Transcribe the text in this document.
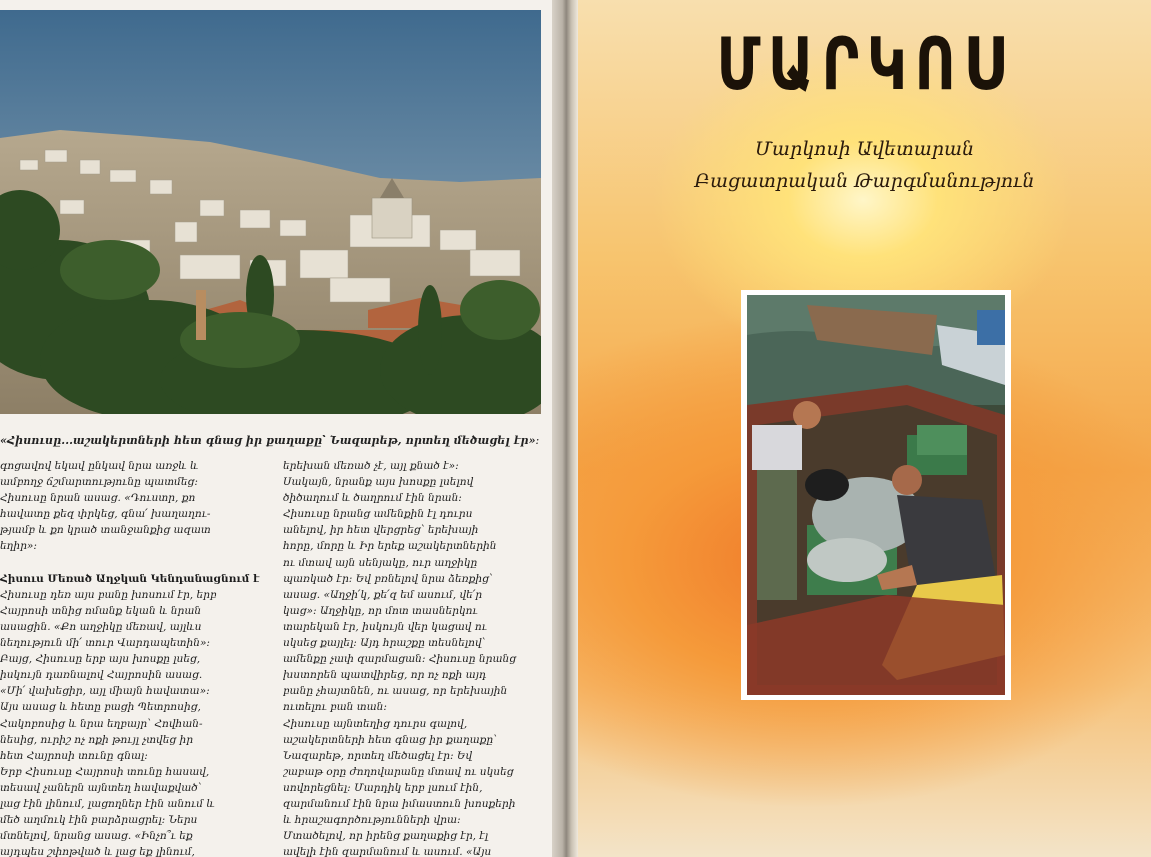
«Հիսուսը...աշակերտների հետ գնաց իր քաղաքը՝ Նազարեթ, որտեղ մեծացել էր»։
գոցավով եկավ ընկավ նրա առջև և
ամբողջ ճշմարտությունը պատմեց։
Հիսուսը նրան ասաց. «Դուստր, քո
հավատը քեզ փրկեց, գնա՛ խաղաղու-
թյամբ և քո կրած տանջանքից ազատ
եղիր»։

Հիսուս Մեռած Աղջկան Կենդանացնում է
Հիսուսը դեռ այս բանը խոսում էր, երբ
Հայրոսի տնից ոմանք եկան և նրան
ասացին. «Քո աղջիկը մեռավ, այլևս
նեղություն մի՛ տուր Վարդապետին»։
Բայց, Հիսուսը երբ այս խոսքը լսեց,
իսկույն դառնալով Հայրոսին ասաց.
«Մի՛ վախեցիր, այլ միայն հավատա»։
Այս ասաց և հետը բացի Պետրոսից,
Հակոբոսից և նրա եղբայր՝ Հովհան-
նեսից, ուրիշ ոչ ոքի թույլ չտվեց իր
հետ Հայրոսի տունը գնալ։
Երբ Հիսուսը Հայրոսի տունը հասավ,
տեսավ չաներն այնտեղ հավաքված՝
լաց էին լինում, լացողներ էին անում և
մեծ աղմուկ էին բարձրացրել։ Ներս
մտնելով, նրանց ասաց. «Ինչո՞ւ եք
այդպես շփոթված և լաց եք լինում,
երեխան մեռած չէ, այլ քնած է»։
Սակայն, նրանք այս խոսքը լսելով
ծիծաղում և ծաղրում էին նրան։
Հիսուսը նրանց ամենքին էլ դուրս
անելով, իր հետ վերցրեց՝ երեխայի
հորը, մորը և Իր երեք աշակերտներին
ու մտավ այն սենյակը, ուր աղջիկը
պառկած էր։ Եվ բռնելով նրա ձեռքից՝
ասաց. «Աղջի՛կ, քե՛զ եմ ասում, վե՛ր
կաց»։ Աղջիկը, որ մոտ տասներկու
տարեկան էր, իսկույն վեր կացավ ու
սկսեց քայլել։ Այդ հրաշքը տեսնելով՝
ամենքը չափ զարմացան։ Հիսուսը նրանց
խստորեն պատվիրեց, որ ոչ ոքի այդ
բանը չհայտնեն, ու ասաց, որ երեխային
ուտելու բան տան։
Հիսուսը այնտեղից դուրս գալով,
աշակերտների հետ գնաց իր քաղաքը՝
Նազարեթ, որտեղ մեծացել էր։ Եվ
շաբաթ օրը ժողովարանը մտավ ու սկսեց
սովորեցնել։ Մարդիկ երբ լսում էին,
զարմանում էին նրա իմաստուն խոսքերի
և հրաշագործությունների վրա։
Մտածելով, որ իրենց քաղաքից էր, էլ
ավելի էին զարմանում և ասում. «Այս
ՄԱՐԿՈՍ
Մարկոսի Ավետարան
Բացատրական Թարգմանություն
